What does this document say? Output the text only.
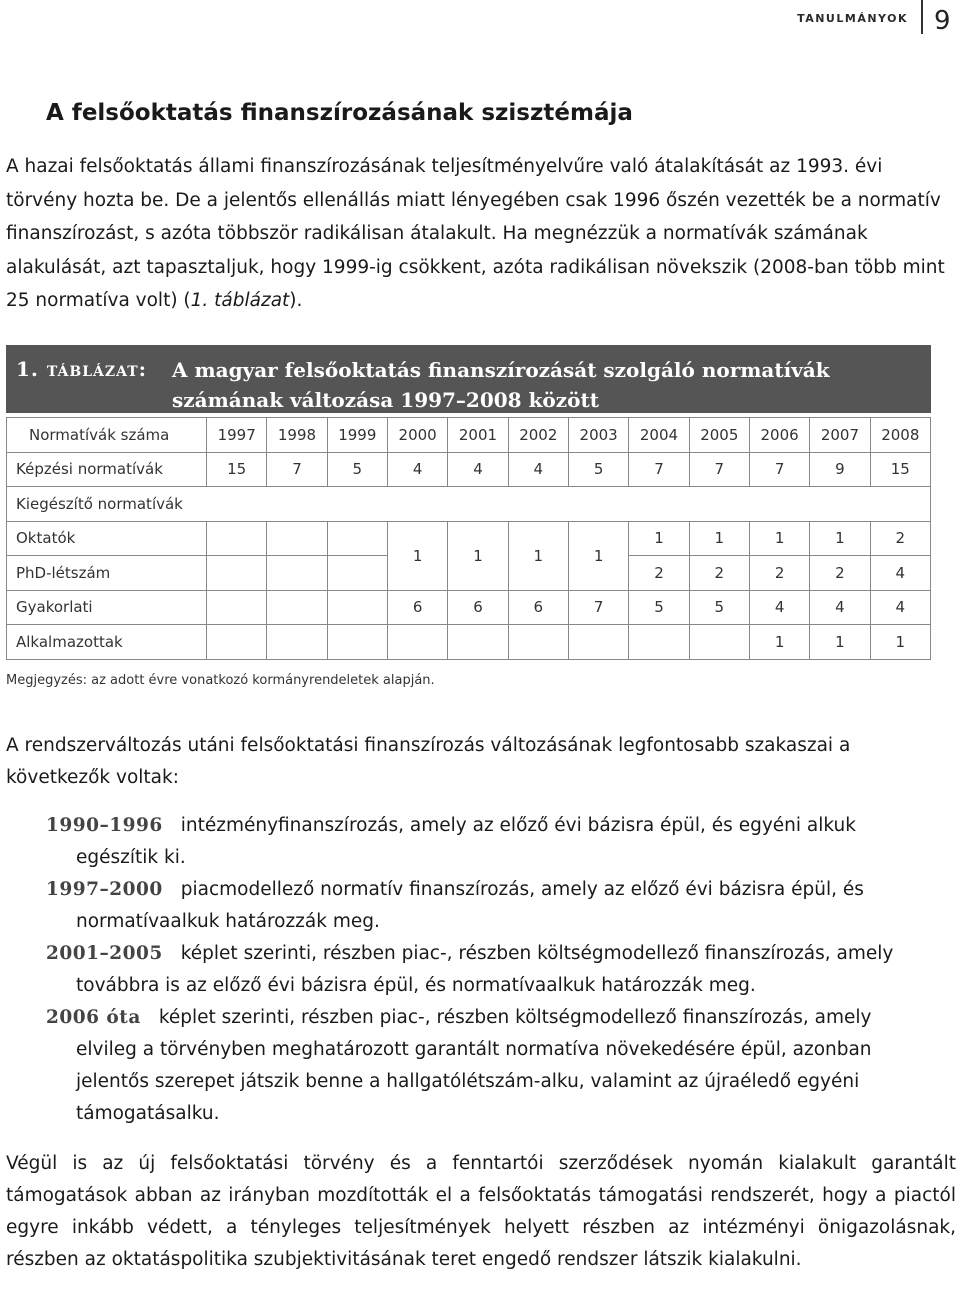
tanulmányok 9
A felsőoktatás finanszírozásának szisztémája

A hazai felsőoktatás állami finanszírozásának teljesítményelvűre való átalakítását az 1993. évi törvény hozta be. De a jelentős ellenállás miatt lényegében csak 1996 őszén vezették be a normatív finanszírozást, s azóta többször radikálisan átalakult. Ha megnézzük a normatívák számának alakulását, azt tapasztaljuk, hogy 1999-ig csökkent, azóta radikálisan növekszik (2008-ban több mint 25 normatíva volt) (1. táblázat).

1. táblázat: A magyar felsőoktatás finanszírozását szolgáló normatívák számának változása 1997–2008 között
Normatívák száma	1997	1998	1999	2000	2001	2002	2003	2004	2005	2006	2007	2008
Képzési normatívák	15	7	5	4	4	4	5	7	7	7	9	15
Kiegészítő normatívák												
Oktatók				1	1	1	1	1	1	1	1	2
PhD-létszám								2	2	2	2	4
Gyakorlati				6	6	6	7	5	5	4	4	4
Alkalmazottak										1	1	1
Megjegyzés: az adott évre vonatkozó kormányrendeletek alapján.

A rendszerváltozás utáni felsőoktatási finanszírozás változásának legfontosabb szakaszai a következők voltak:

1990–1996 intézményfinanszírozás, amely az előző évi bázisra épül, és egyéni alkuk egészítik ki.
1997–2000 piacmodellező normatív finanszírozás, amely az előző évi bázisra épül, és normatívaalkuk határozzák meg.
2001–2005 képlet szerinti, részben piac-, részben költségmodellező finanszírozás, amely továbbra is az előző évi bázisra épül, és normatívaalkuk határozzák meg.
2006 óta képlet szerinti, részben piac-, részben költségmodellező finanszírozás, amely elvileg a törvényben meghatározott garantált normatíva növekedésére épül, azonban jelentős szerepet játszik benne a hallgatólétszám-alku, valamint az újraéledő egyéni támogatásalku.

Végül is az új felsőoktatási törvény és a fenntartói szerződések nyomán kialakult garantált támogatások abban az irányban mozdították el a felsőoktatás támogatási rendszerét, hogy a piactól egyre inkább védett, a tényleges teljesítmények helyett részben az intézményi önigazolásnak, részben az oktatáspolitika szubjektivitásának teret engedő rendszer látszik kialakulni.
